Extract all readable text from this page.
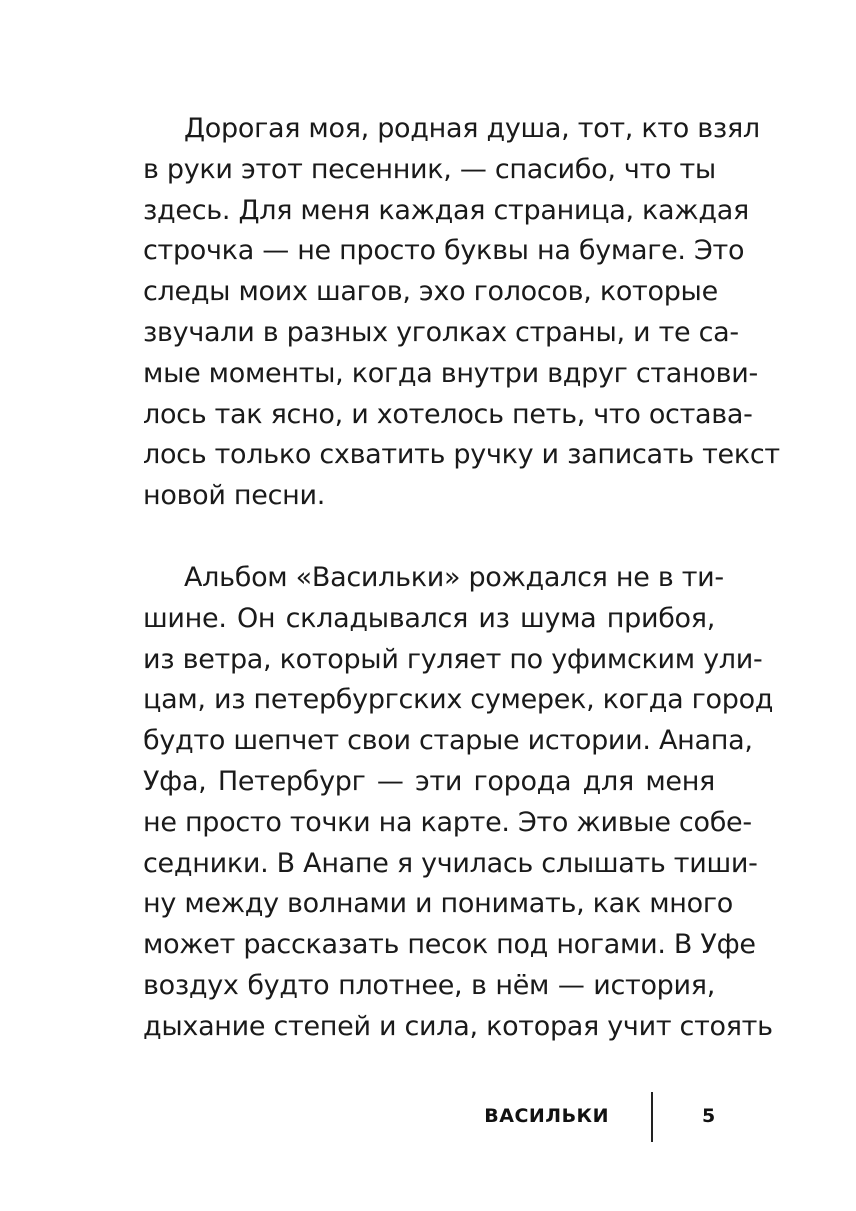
Дорогая моя, родная душа, тот, кто взял
в руки этот песенник, — спасибо, что ты
здесь. Для меня каждая страница, каждая
строчка — не просто буквы на бумаге. Это
следы моих шагов, эхо голосов, которые
звучали в разных уголках страны, и те са-
мые моменты, когда внутри вдруг станови-
лось так ясно, и хотелось петь, что остава-
лось только схватить ручку и записать текст
новой песни.
Альбом «Васильки» рождался не в ти-
шине. Он складывался из шума прибоя,
из ветра, который гуляет по уфимским ули-
цам, из петербургских сумерек, когда город
будто шепчет свои старые истории. Анапа,
Уфа, Петербург — эти города для меня
не просто точки на карте. Это живые собе-
седники. В Анапе я училась слышать тиши-
ну между волнами и понимать, как много
может рассказать песок под ногами. В Уфе
воздух будто плотнее, в нём — история,
дыхание степей и сила, которая учит стоять
ВАСИЛЬКИ	5
